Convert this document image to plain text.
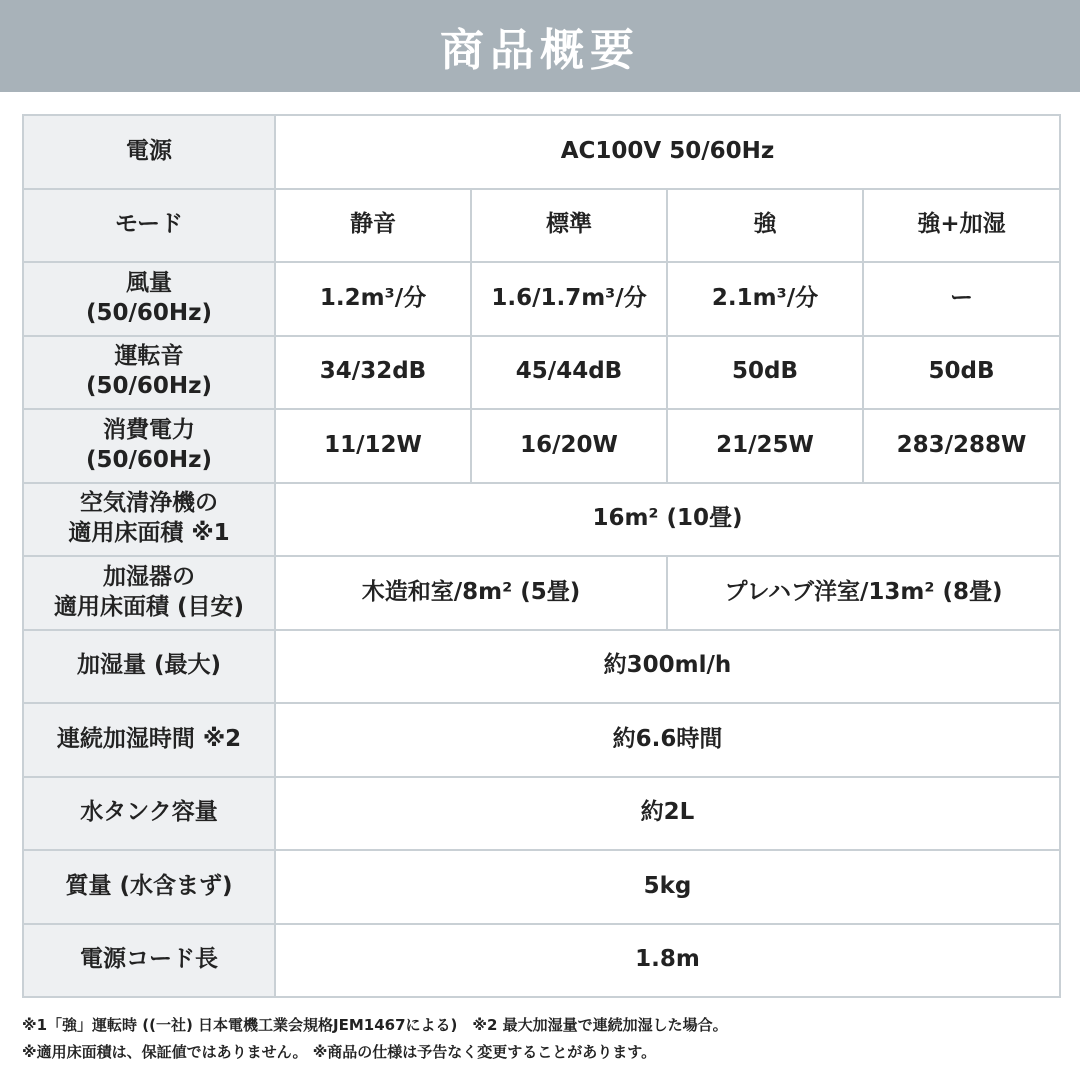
商品概要
電源	AC100V 50/60Hz			
モード	静音	標準	強	強+加湿

風量
(50/60Hz)	1.2m³/分	1.6/1.7m³/分	2.1m³/分	ー

運転音
(50/60Hz)	34/32dB	45/44dB	50dB	50dB

消費電力
(50/60Hz)	11/12W	16/20W	21/25W	283/288W

空気清浄機の
適用床面積 ※1	16m² (10畳)			

加湿器の
適用床面積 (目安)	木造和室/8m² (5畳)		プレハブ洋室/13m² (8畳)	
加湿量 (最大)	約300ml/h			
連続加湿時間 ※2	約6.6時間			
水タンク容量	約2L			
質量 (水含まず)	5kg			
電源コード長	1.8m			
※1「強」運転時 ((一社) 日本電機工業会規格JEM1467による)　※2 最大加湿量で連続加湿した場合。
※適用床面積は、保証値ではありません。 ※商品の仕様は予告なく変更することがあります。
